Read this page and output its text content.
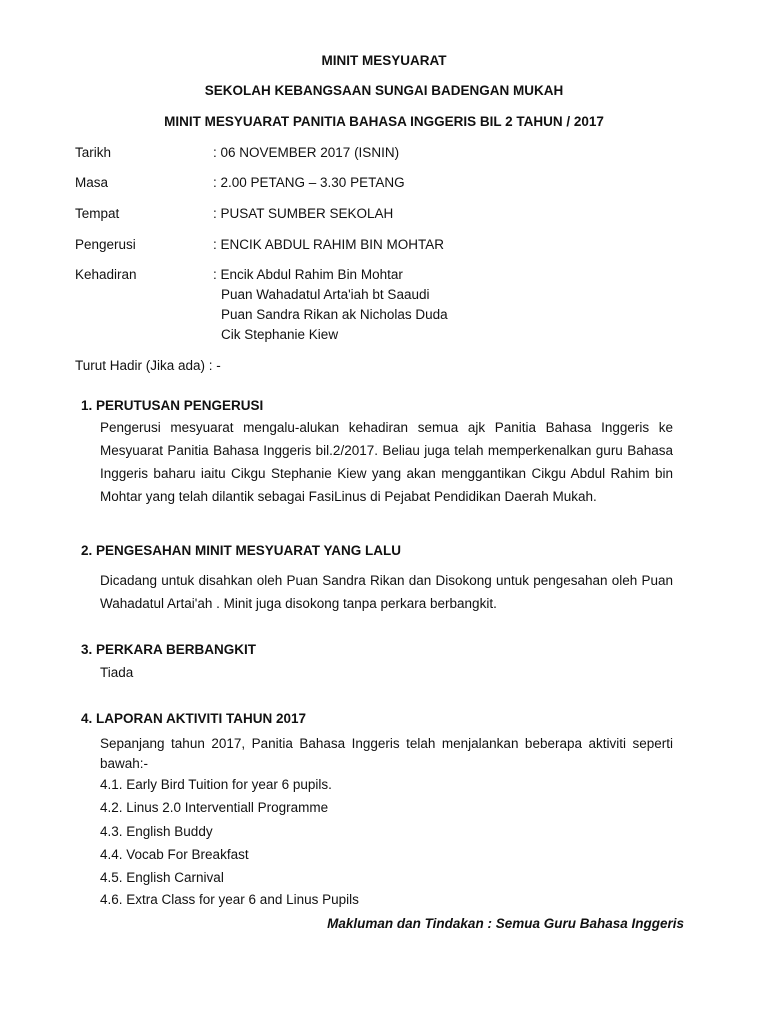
MINIT MESYUARAT
SEKOLAH KEBANGSAAN SUNGAI BADENGAN MUKAH
MINIT MESYUARAT PANITIA BAHASA INGGERIS BIL 2 TAHUN / 2017
Tarikh	: 06 NOVEMBER 2017 (ISNIN)
Masa	: 2.00 PETANG – 3.30 PETANG
Tempat	: PUSAT SUMBER SEKOLAH
Pengerusi	: ENCIK ABDUL RAHIM BIN MOHTAR
Kehadiran	: Encik Abdul Rahim Bin Mohtar
Puan Wahadatul Arta'iah bt Saaudi
Puan Sandra Rikan ak Nicholas Duda
Cik Stephanie Kiew
Turut Hadir (Jika ada) : -
1. PERUTUSAN PENGERUSI
Pengerusi mesyuarat mengalu-alukan kehadiran semua ajk Panitia Bahasa Inggeris ke Mesyuarat Panitia Bahasa Inggeris bil.2/2017. Beliau juga telah memperkenalkan guru Bahasa Inggeris baharu iaitu Cikgu Stephanie Kiew yang akan menggantikan Cikgu Abdul Rahim bin Mohtar yang telah dilantik sebagai FasiLinus di Pejabat Pendidikan Daerah Mukah.
2. PENGESAHAN MINIT MESYUARAT YANG LALU
Dicadang untuk disahkan oleh Puan Sandra Rikan dan Disokong untuk pengesahan oleh Puan Wahadatul Artai'ah . Minit juga disokong tanpa perkara berbangkit.
3. PERKARA BERBANGKIT
Tiada
4. LAPORAN AKTIVITI TAHUN 2017
Sepanjang tahun 2017, Panitia Bahasa Inggeris telah menjalankan beberapa aktiviti seperti bawah:-
4.1. Early Bird Tuition for year 6 pupils.
4.2. Linus 2.0 Interventiall Programme
4.3. English Buddy
4.4. Vocab For Breakfast
4.5. English Carnival
4.6. Extra Class for year 6 and Linus Pupils
Makluman dan Tindakan : Semua Guru Bahasa Inggeris
